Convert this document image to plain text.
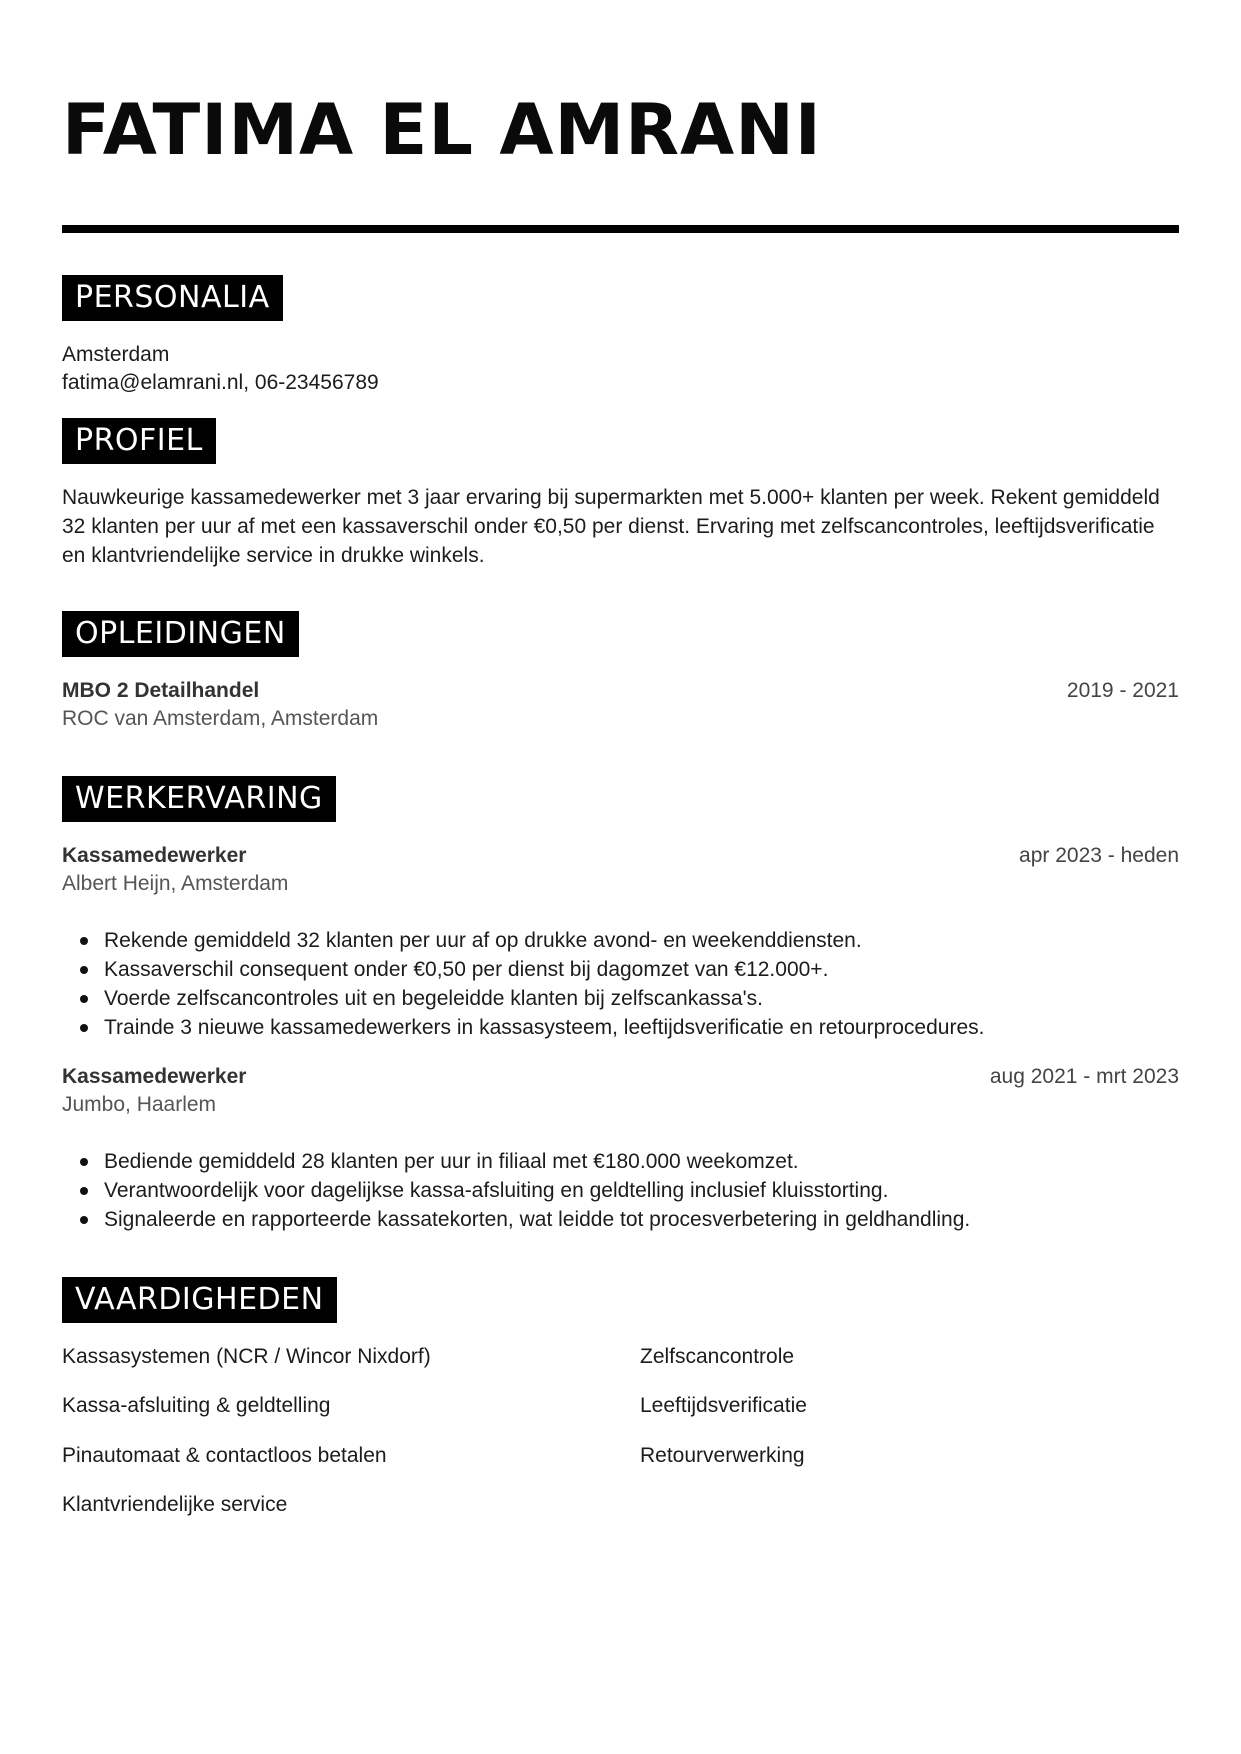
FATIMA EL AMRANI
PERSONALIA
Amsterdam
fatima@elamrani.nl, 06-23456789
PROFIEL

Nauwkeurige kassamedewerker met 3 jaar ervaring bij supermarkten met 5.000+ klanten per week. Rekent gemiddeld 32 klanten per uur af met een kassaverschil onder €0,50 per dienst. Ervaring met zelfscancontroles, leeftijdsverificatie en klantvriendelijke service in drukke winkels.

OPLEIDINGEN
MBO 2 Detailhandel	2019 - 2021
ROC van Amsterdam, Amsterdam
WERKERVARING
Kassamedewerker	apr 2023 - heden
Albert Heijn, Amsterdam
Rekende gemiddeld 32 klanten per uur af op drukke avond- en weekenddiensten.
Kassaverschil consequent onder €0,50 per dienst bij dagomzet van €12.000+.
Voerde zelfscancontroles uit en begeleidde klanten bij zelfscankassa's.
Trainde 3 nieuwe kassamedewerkers in kassasysteem, leeftijdsverificatie en retourprocedures.
Kassamedewerker	aug 2021 - mrt 2023
Jumbo, Haarlem
Bediende gemiddeld 28 klanten per uur in filiaal met €180.000 weekomzet.
Verantwoordelijk voor dagelijkse kassa-afsluiting en geldtelling inclusief kluisstorting.
Signaleerde en rapporteerde kassatekorten, wat leidde tot procesverbetering in geldhandling.
VAARDIGHEDEN
Kassasystemen (NCR / Wincor Nixdorf)	Zelfscancontrole
Kassa-afsluiting & geldtelling	Leeftijdsverificatie
Pinautomaat & contactloos betalen	Retourverwerking
Klantvriendelijke service
